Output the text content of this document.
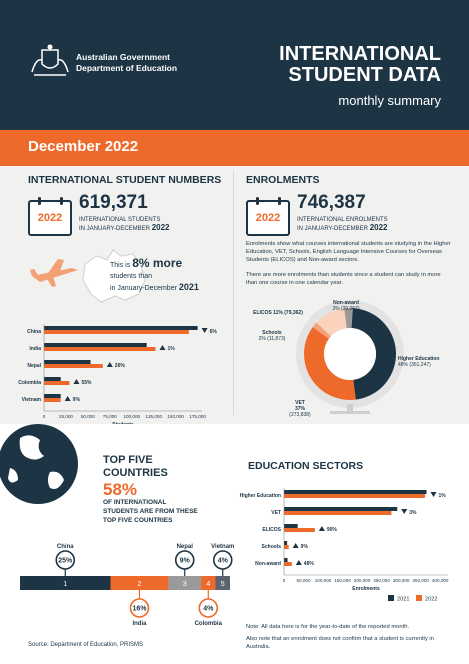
Australian Government
Department of Education
INTERNATIONAL
STUDENT DATA
monthly summary
December 2022
INTERNATIONAL STUDENT NUMBERS
2022
619,371
INTERNATIONAL STUDENTS
IN JANUARY-DECEMBER 2022
This is 8% more
students than
in January-December 2021
China	6%
India	1%
Nepal	26%
Colombia	55%
Vietnam	9%
0	25,000 50,000 75,000 100,000 125,000 150,000 175,000
ENROLMENTS
2022
746,387
INTERNATIONAL ENROLMENTS
IN JANUARY-DECEMBER 2022
Enrolments show what courses international students are studying in the Higher Education, VET, Schools, English Language Intensive Courses for Overseas Students (ELICOS) and Non-award sectors.
There are more enrolments than students since a student can study in more than one course in one calendar year.
Higher Education
48% (361,247)
VET
37%
(273,838)
Schools
2% (11,873)
ELICOS 11% (79,362)
Non-award
3% (20,067)
TOP FIVE
COUNTRIES
58%
OF INTERNATIONAL
STUDENTS ARE FROM THESE
TOP FIVE COUNTRIES
1	2	3	4 5
25%
China
16%
India
9%
Nepal
4%
Colombia
4%
Vietnam
EDUCATION SECTORS
Higher Education	1%
VET	3%
ELICOS	90%
Schools	9%
Non-award	48%
0 50,000 100,000 150,000 200,000 250,000 300,000 350,000 400,000
Enrolments
2021	2022
Source: Department of Education, PRISMS
Note: All data here is for the year-to-date of the reported month.
Also note that an enrolment does not confirm that a student is currently in Australia.
